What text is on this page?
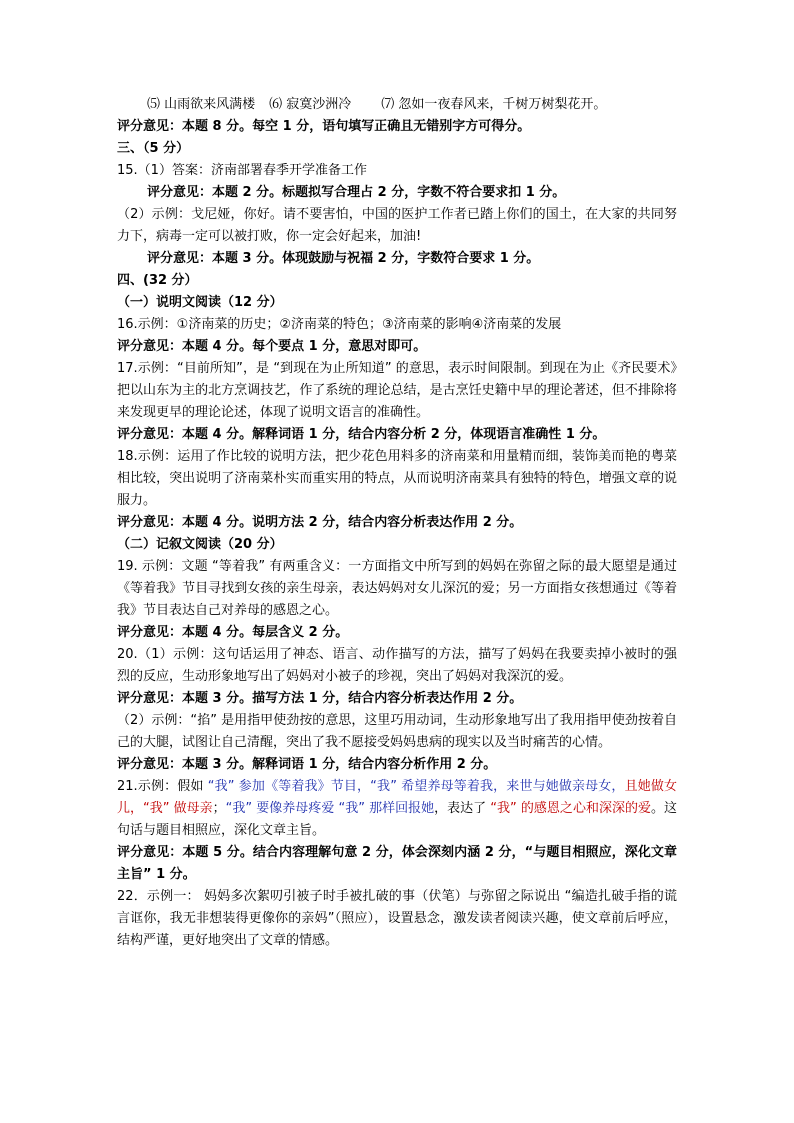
⑸ 山雨欲来风满楼 ⑹ 寂寞沙洲冷 ⑺ 忽如一夜春风来，千树万树梨花开。

评分意见：本题 8 分。每空 1 分，语句填写正确且无错别字方可得分。

三、（5 分）

15.（1）答案：济南部署春季开学准备工作

评分意见：本题 2 分。标题拟写合理占 2 分，字数不符合要求扣 1 分。

（2）示例：戈尼娅，你好。请不要害怕，中国的医护工作者已踏上你们的国土，在大家的共同努力下，病毒一定可以被打败，你一定会好起来，加油!

评分意见：本题 3 分。体现鼓励与祝福 2 分，字数符合要求 1 分。

四、(32 分）

（一）说明文阅读（12 分）

16.示例：①济南菜的历史；②济南菜的特色；③济南菜的影响④济南菜的发展

评分意见：本题 4 分。每个要点 1 分，意思对即可。

17.示例：“目前所知”，是 “到现在为止所知道” 的意思，表示时间限制。到现在为止《齐民要术》把以山东为主的北方烹调技艺，作了系统的理论总结，是古烹饪史籍中早的理论著述，但不排除将来发现更早的理论论述，体现了说明文语言的准确性。

评分意见：本题 4 分。解释词语 1 分，结合内容分析 2 分，体现语言准确性 1 分。

18.示例：运用了作比较的说明方法，把少花色用料多的济南菜和用量精而细，装饰美而艳的粤菜相比较，突出说明了济南菜朴实而重实用的特点，从而说明济南菜具有独特的特色，增强文章的说服力。

评分意见：本题 4 分。说明方法 2 分，结合内容分析表达作用 2 分。

（二）记叙文阅读（20 分）

19. 示例：文题 “等着我” 有两重含义：一方面指文中所写到的妈妈在弥留之际的最大愿望是通过《等着我》节目寻找到女孩的亲生母亲，表达妈妈对女儿深沉的爱；另一方面指女孩想通过《等着我》节目表达自己对养母的感恩之心。

评分意见：本题 4 分。每层含义 2 分。

20.（1）示例：这句话运用了神态、语言、动作描写的方法，描写了妈妈在我要卖掉小被时的强烈的反应，生动形象地写出了妈妈对小被子的珍视，突出了妈妈对我深沉的爱。

评分意见：本题 3 分。描写方法 1 分，结合内容分析表达作用 2 分。

（2）示例：“掐” 是用指甲使劲按的意思，这里巧用动词，生动形象地写出了我用指甲使劲按着自己的大腿，试图让自己清醒，突出了我不愿接受妈妈患病的现实以及当时痛苦的心情。

评分意见：本题 3 分。解释词语 1 分，结合内容分析作用 2 分。

21.示例：假如 “我” 参加《等着我》节目，“我” 希望养母等着我，来世与她做亲母女，且她做女儿，“我” 做母亲；“我” 要像养母疼爱 “我” 那样回报她，表达了 “我” 的感恩之心和深深的爱。这句话与题目相照应，深化文章主旨。

评分意见：本题 5 分。结合内容理解句意 2 分，体会深刻内涵 2 分，“与题目相照应，深化文章主旨” 1 分。

22．示例一： 妈妈多次絮叨引被子时手被扎破的事（伏笔）与弥留之际说出 “编造扎破手指的谎言诓你，我无非想装得更像你的亲妈”（照应），设置悬念，激发读者阅读兴趣，使文章前后呼应，结构严谨，更好地突出了文章的情感。
